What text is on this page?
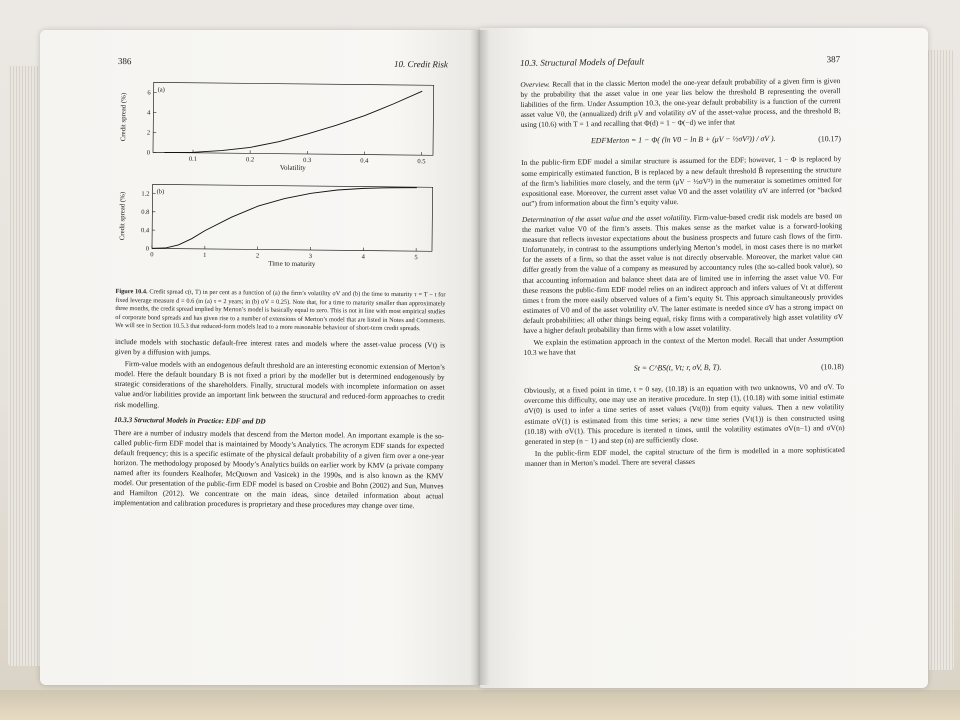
386	10. Credit Risk
0.1	0.2	0.3	0.4	0.5
0
2
4
6 (a)
Volatility
Credit spread (%)
0	1	2	3	4	5
0
0.4
0.8
1.2 (b)
Time to maturity
Credit spread (%)
Figure 10.4. Credit spread c(t, T) in per cent as a function of (a) the firm’s volatility σV and (b) the time to maturity τ = T − t for fixed leverage measure d = 0.6 (in (a) τ = 2 years; in (b) σV = 0.25). Note that, for a time to maturity smaller than approximately three months, the credit spread implied by Merton’s model is basically equal to zero. This is not in line with most empirical studies of corporate bond spreads and has given rise to a number of extensions of Merton’s model that are listed in Notes and Comments. We will see in Section 10.5.3 that reduced-form models lead to a more reasonable behaviour of short-term credit spreads.

include models with stochastic default-free interest rates and models where the asset-value process (Vt) is given by a diffusion with jumps.

Firm-value models with an endogenous default threshold are an interesting economic extension of Merton’s model. Here the default boundary B is not fixed a priori by the modeller but is determined endogenously by strategic considerations of the shareholders. Finally, structural models with incomplete information on asset value and/or liabilities provide an important link between the structural and reduced-form approaches to credit risk modelling.

10.3.3 Structural Models in Practice: EDF and DD

There are a number of industry models that descend from the Merton model. An important example is the so-called public-firm EDF model that is maintained by Moody’s Analytics. The acronym EDF stands for expected default frequency; this is a specific estimate of the physical default probability of a given firm over a one-year horizon. The methodology proposed by Moody’s Analytics builds on earlier work by KMV (a private company named after its founders Kealhofer, McQuown and Vasicek) in the 1990s, and is also known as the KMV model. Our presentation of the public-firm EDF model is based on Crosbie and Bohn (2002) and Sun, Munves and Hamilton (2012). We concentrate on the main ideas, since detailed information about actual implementation and calibration procedures is proprietary and these procedures may change over time.

10.3. Structural Models of Default	387

Overview. Recall that in the classic Merton model the one-year default probability of a given firm is given by the probability that the asset value in one year lies below the threshold B representing the overall liabilities of the firm. Under Assumption 10.3, the one-year default probability is a function of the current asset value V0, the (annualized) drift μV and volatility σV of the asset-value process, and the threshold B; using (10.6) with T = 1 and recalling that Φ(d) = 1 − Φ(−d) we infer that

EDFMerton = 1 − Φ( (ln V0 − ln B + (μV − ½σV²)) / σV ).	(10.17)

In the public-firm EDF model a similar structure is assumed for the EDF; however, 1 − Φ is replaced by some empirically estimated function, B is replaced by a new default threshold B̃ representing the structure of the firm’s liabilities more closely, and the term (μV − ½σV²) in the numerator is sometimes omitted for expositional ease. Moreover, the current asset value V0 and the asset volatility σV are inferred (or “backed out”) from information about the firm’s equity value.

Determination of the asset value and the asset volatility. Firm-value-based credit risk models are based on the market value V0 of the firm’s assets. This makes sense as the market value is a forward-looking measure that reflects investor expectations about the business prospects and future cash flows of the firm. Unfortunately, in contrast to the assumptions underlying Merton’s model, in most cases there is no market for the assets of a firm, so that the asset value is not directly observable. Moreover, the market value can differ greatly from the value of a company as measured by accountancy rules (the so-called book value), so that accounting information and balance sheet data are of limited use in inferring the asset value V0. For these reasons the public-firm EDF model relies on an indirect approach and infers values of Vt at different times t from the more easily observed values of a firm’s equity St. This approach simultaneously provides estimates of V0 and of the asset volatility σV. The latter estimate is needed since σV has a strong impact on default probabilities; all other things being equal, risky firms with a comparatively high asset volatility σV have a higher default probability than firms with a low asset volatility.

We explain the estimation approach in the context of the Merton model. Recall that under Assumption 10.3 we have that

St = C^BS(t, Vt; r, σV, B, T).	(10.18)

Obviously, at a fixed point in time, t = 0 say, (10.18) is an equation with two unknowns, V0 and σV. To overcome this difficulty, one may use an iterative procedure. In step (1), (10.18) with some initial estimate σV(0) is used to infer a time series of asset values (Vt(0)) from equity values. Then a new volatility estimate σV(1) is estimated from this time series; a new time series (Vt(1)) is then constructed using (10.18) with σV(1). This procedure is iterated n times, until the volatility estimates σV(n−1) and σV(n) generated in step (n − 1) and step (n) are sufficiently close.

In the public-firm EDF model, the capital structure of the firm is modelled in a more sophisticated manner than in Merton’s model. There are several classes
